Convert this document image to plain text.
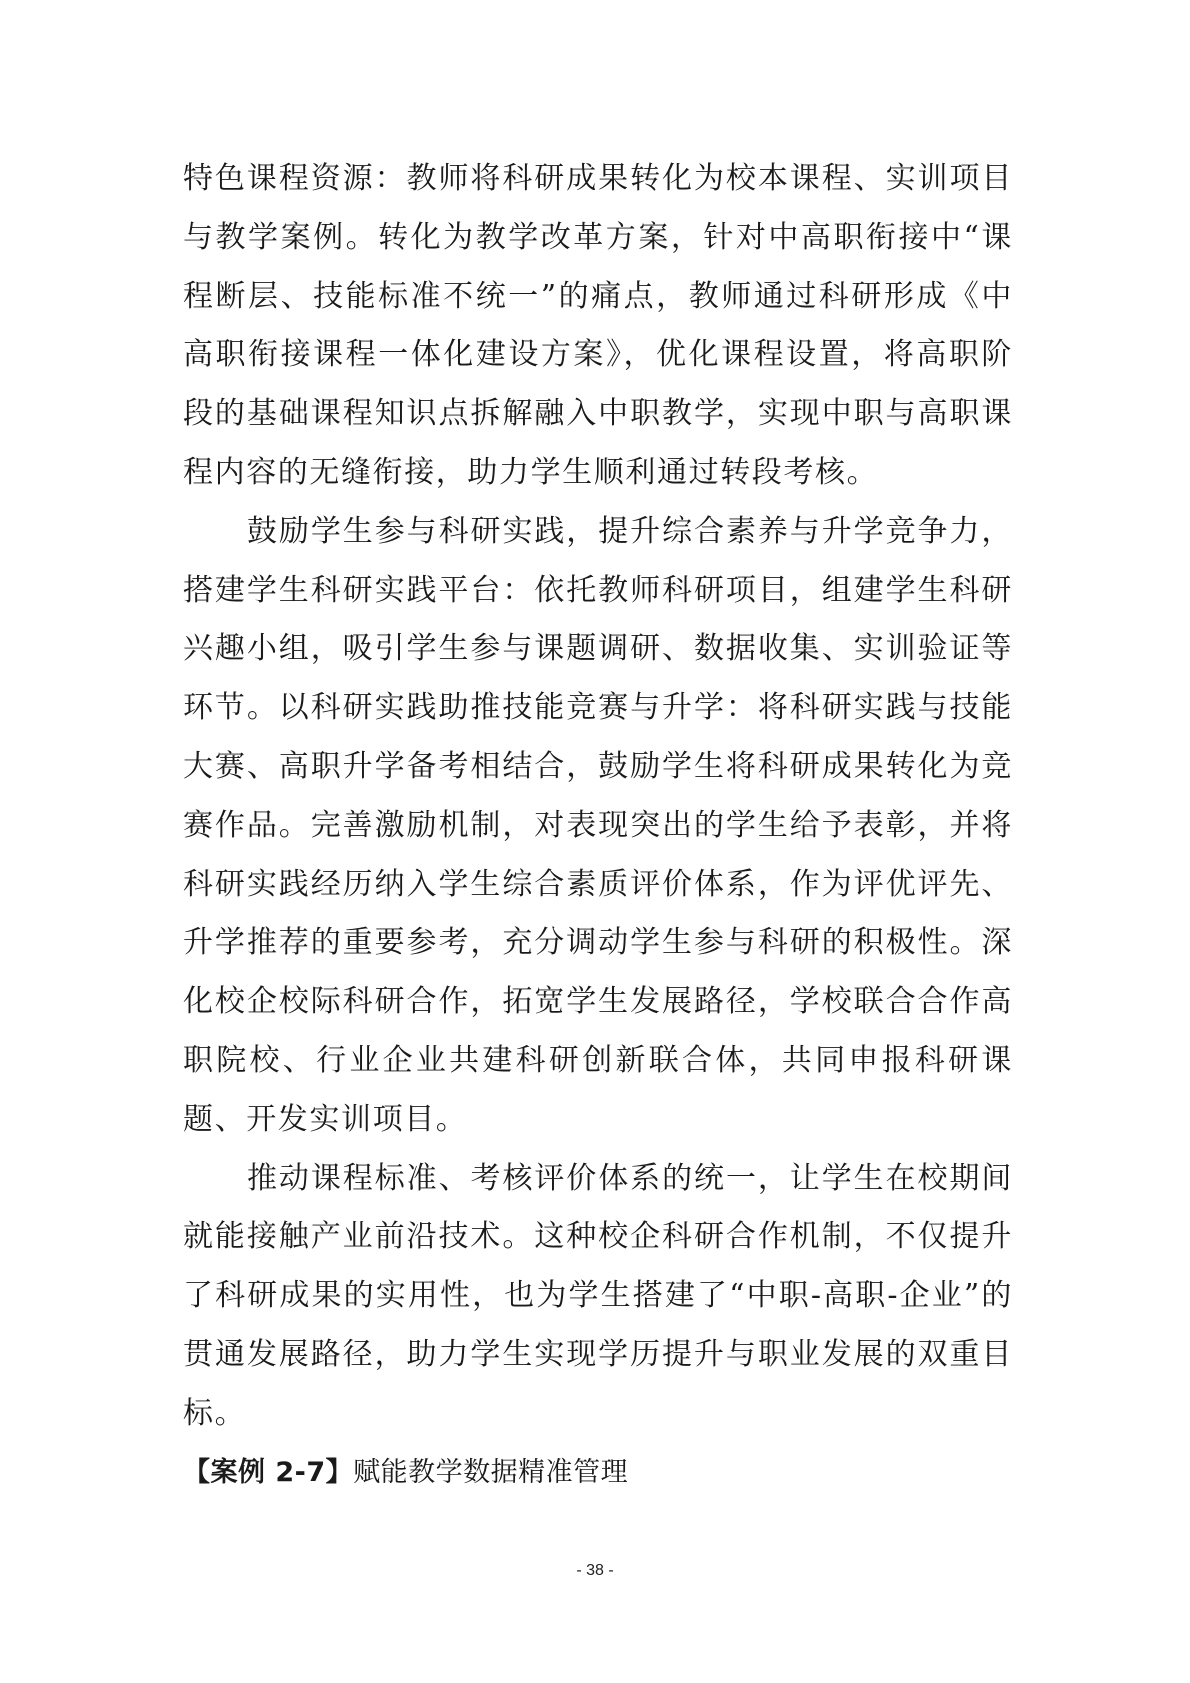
特色课程资源：教师将科研成果转化为校本课程、实训项目与教学案例。转化为教学改革方案，针对中高职衔接中“课程断层、技能标准不统一”的痛点，教师通过科研形成《中高职衔接课程一体化建设方案》，优化课程设置，将高职阶段的基础课程知识点拆解融入中职教学，实现中职与高职课程内容的无缝衔接，助力学生顺利通过转段考核。

鼓励学生参与科研实践，提升综合素养与升学竞争力，搭建学生科研实践平台：依托教师科研项目，组建学生科研兴趣小组，吸引学生参与课题调研、数据收集、实训验证等环节。以科研实践助推技能竞赛与升学：将科研实践与技能大赛、高职升学备考相结合，鼓励学生将科研成果转化为竞赛作品。完善激励机制，对表现突出的学生给予表彰，并将科研实践经历纳入学生综合素质评价体系，作为评优评先、升学推荐的重要参考，充分调动学生参与科研的积极性。深化校企校际科研合作，拓宽学生发展路径，学校联合合作高职院校、行业企业共建科研创新联合体，共同申报科研课题、开发实训项目。

推动课程标准、考核评价体系的统一，让学生在校期间就能接触产业前沿技术。这种校企科研合作机制，不仅提升了科研成果的实用性，也为学生搭建了“中职-高职-企业”的贯通发展路径，助力学生实现学历提升与职业发展的双重目标。

【案例 2-7】赋能教学数据精准管理

- 38 -
